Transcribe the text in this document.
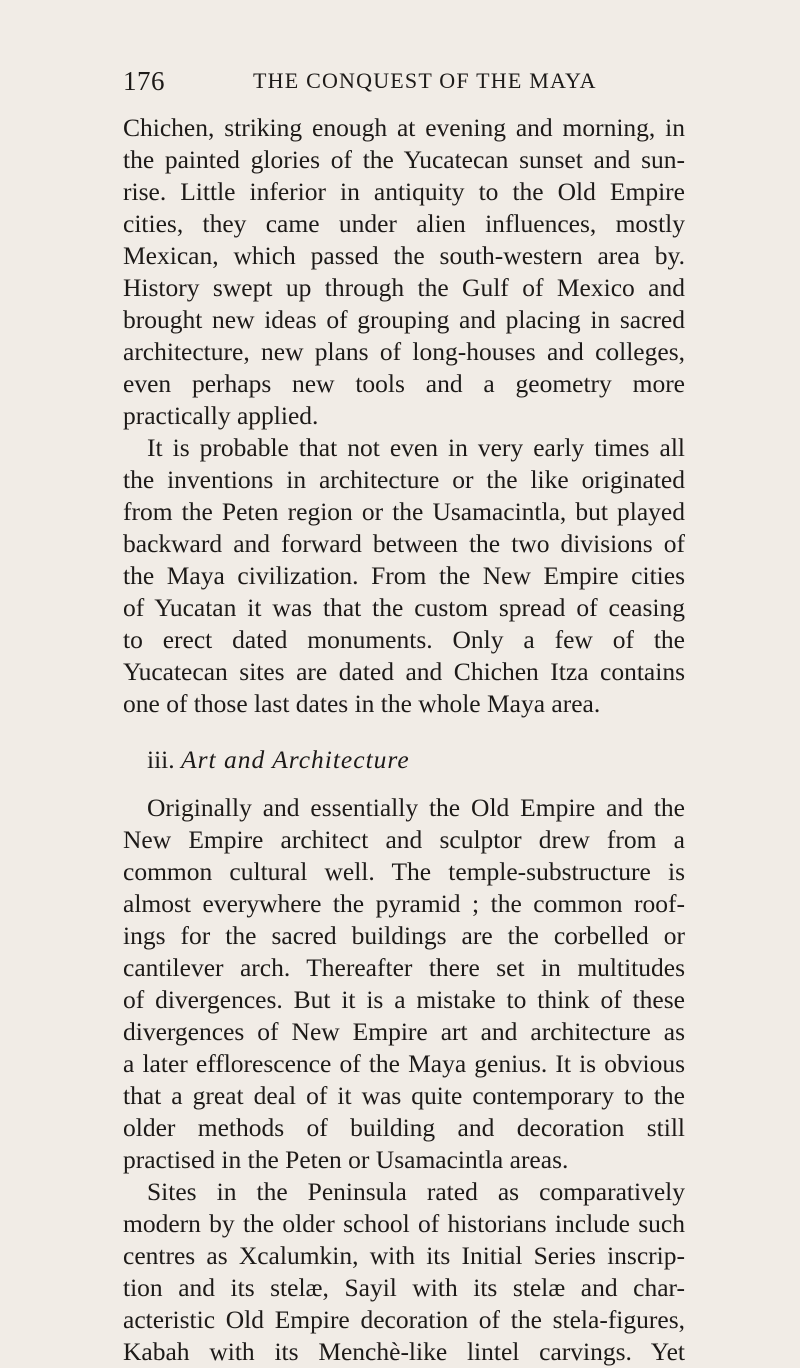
176	THE CONQUEST OF THE MAYA
Chichen, striking enough at evening and morning, in
the painted glories of the Yucatecan sunset and sun-
rise. Little inferior in antiquity to the Old Empire
cities, they came under alien influences, mostly
Mexican, which passed the south-western area by.
History swept up through the Gulf of Mexico and
brought new ideas of grouping and placing in sacred
architecture, new plans of long-houses and colleges,
even perhaps new tools and a geometry more
practically applied.
It is probable that not even in very early times all
the inventions in architecture or the like originated
from the Peten region or the Usamacintla, but played
backward and forward between the two divisions of
the Maya civilization. From the New Empire cities
of Yucatan it was that the custom spread of ceasing
to erect dated monuments. Only a few of the
Yucatecan sites are dated and Chichen Itza contains
one of those last dates in the whole Maya area.
iii. Art and Architecture
Originally and essentially the Old Empire and the
New Empire architect and sculptor drew from a
common cultural well. The temple-substructure is
almost everywhere the pyramid ; the common roof-
ings for the sacred buildings are the corbelled or
cantilever arch. Thereafter there set in multitudes
of divergences. But it is a mistake to think of these
divergences of New Empire art and architecture as
a later efflorescence of the Maya genius. It is obvious
that a great deal of it was quite contemporary to the
older methods of building and decoration still
practised in the Peten or Usamacintla areas.
Sites in the Peninsula rated as comparatively
modern by the older school of historians include such
centres as Xcalumkin, with its Initial Series inscrip-
tion and its stelæ, Sayil with its stelæ and char-
acteristic Old Empire decoration of the stela-figures,
Kabah with its Menchè-like lintel carvings. Yet
